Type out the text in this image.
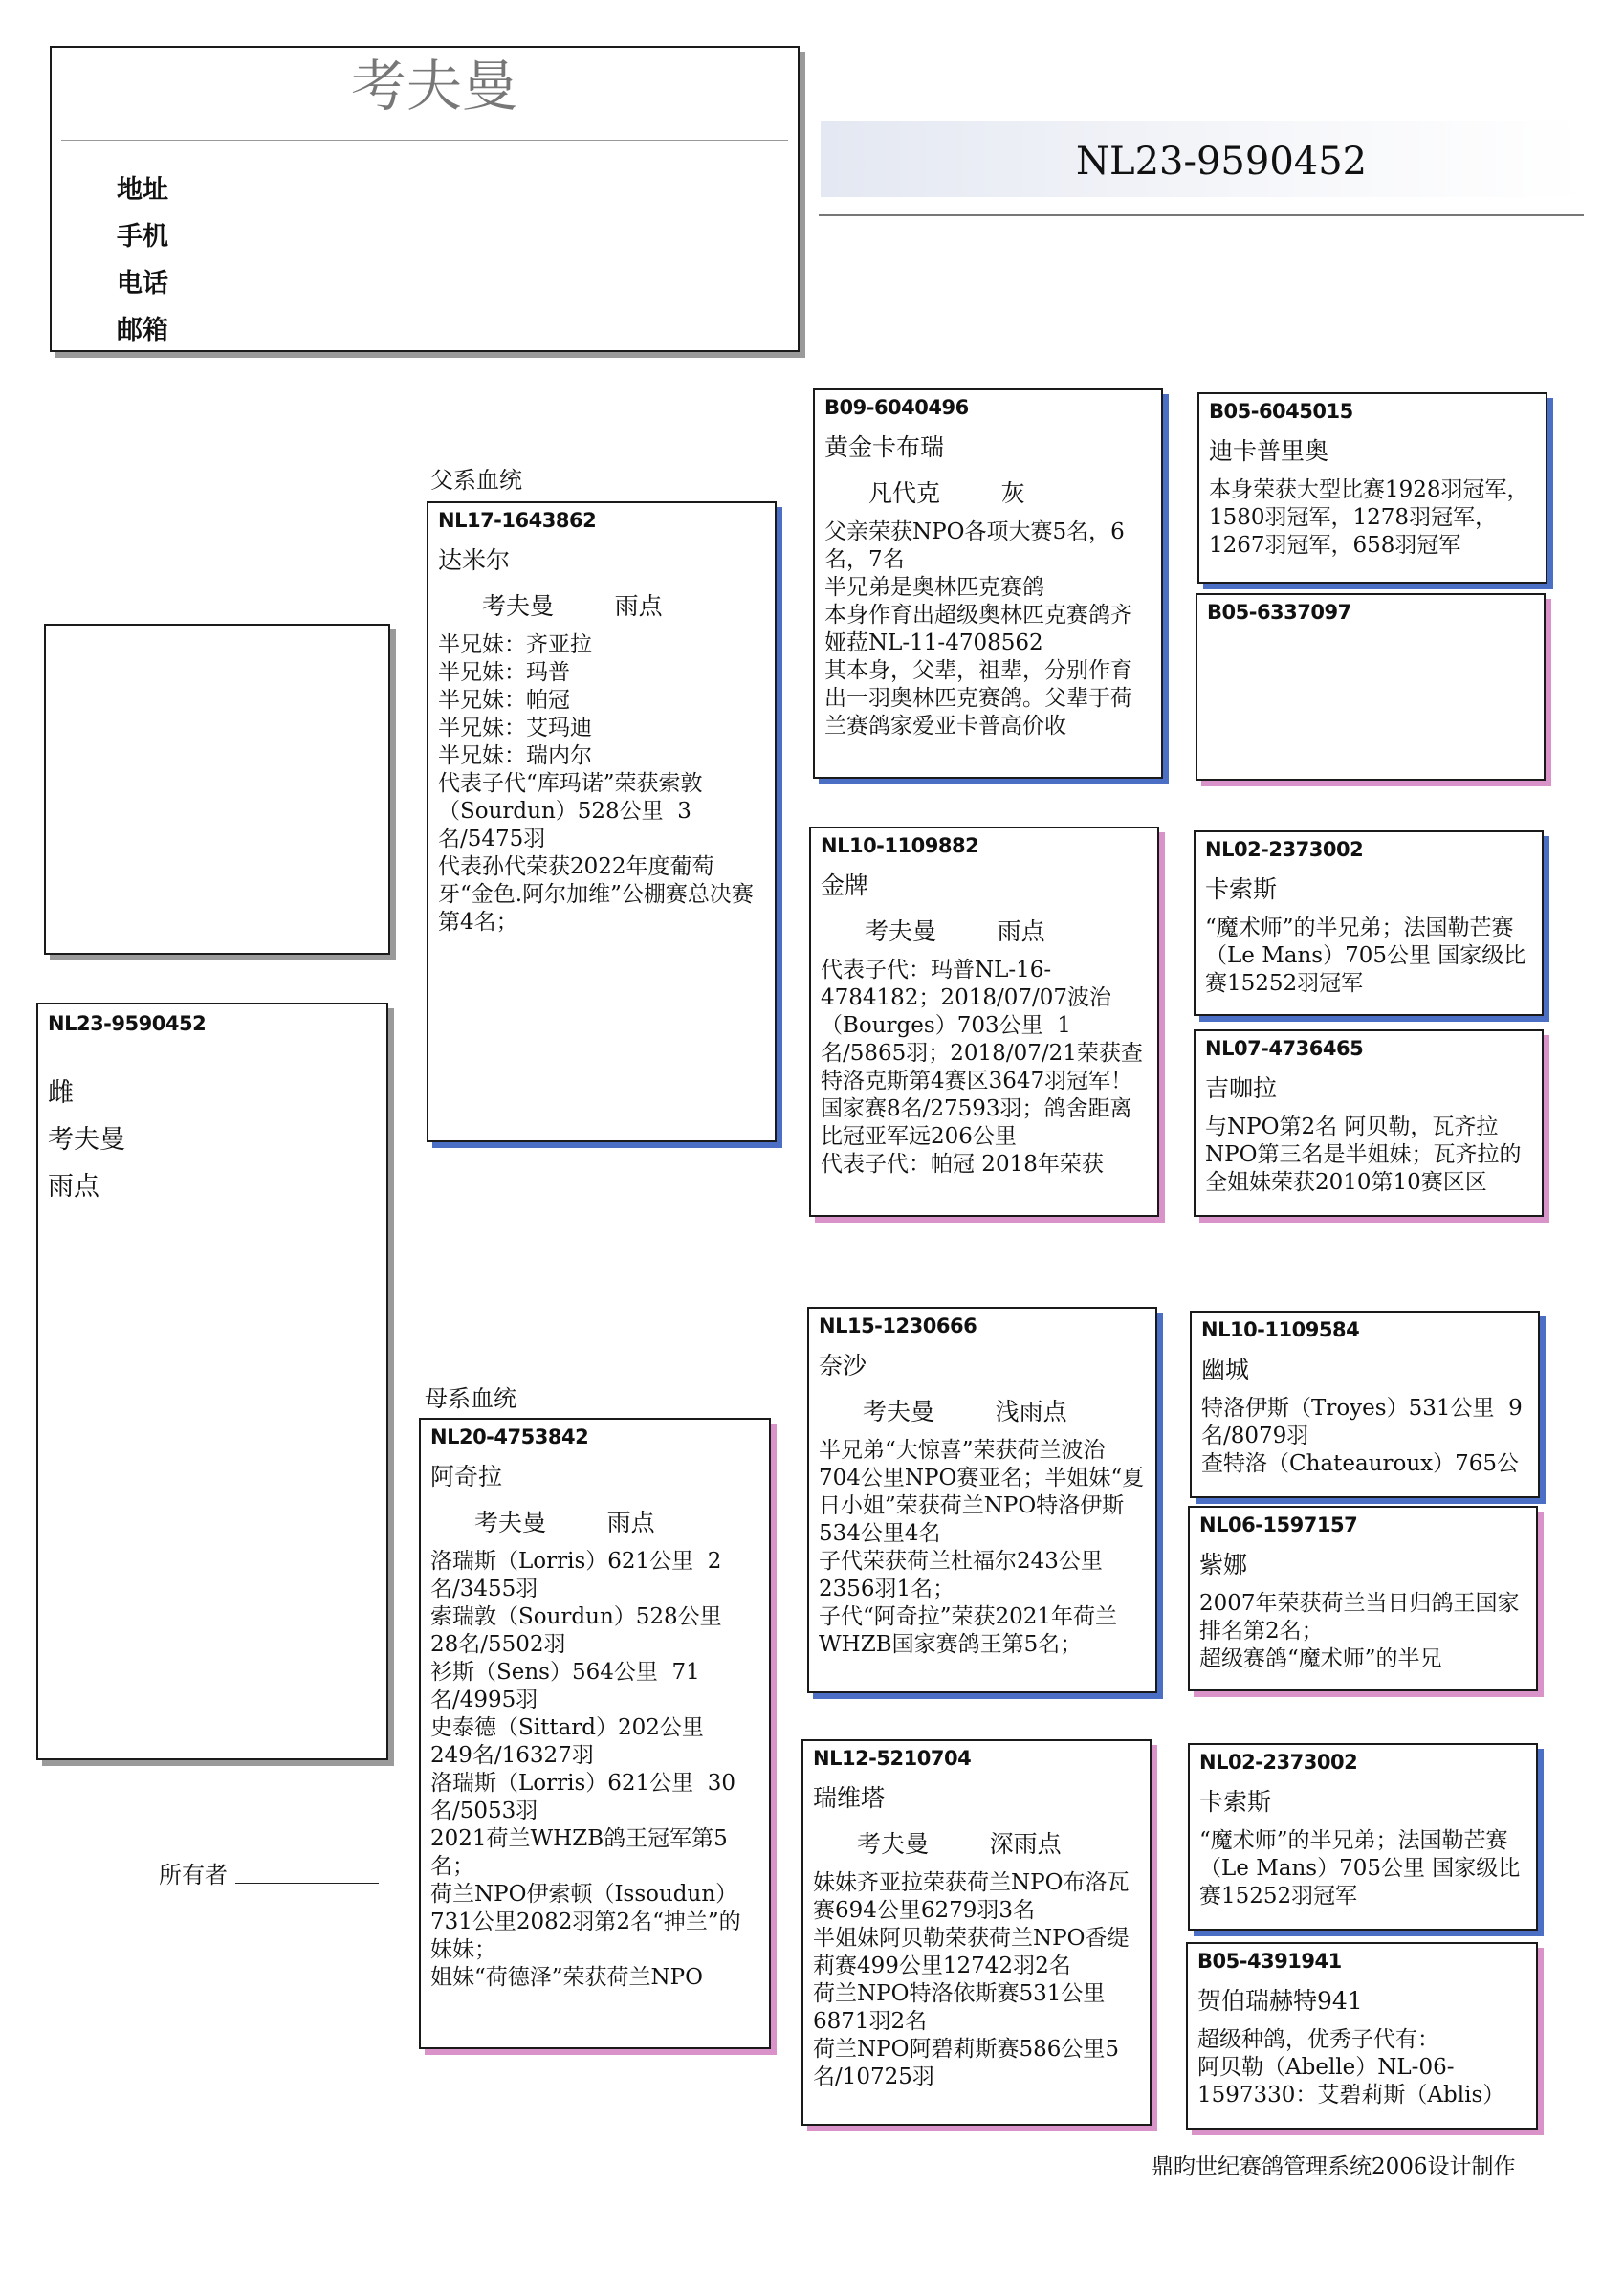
考夫曼
地址
手机
电话
邮箱
NL23-9590452
NL23-9590452
雌
考夫曼
雨点
所有者
父系血统
母系血统
NL17-1643862
达米尔
考夫曼        雨点
半兄妹：齐亚拉
半兄妹：玛普
半兄妹：帕冠
半兄妹：艾玛迪
半兄妹：瑞内尔
代表子代“库玛诺”荣获索敦（Sourdun）528公里  3名/5475羽
代表孙代荣获2022年度葡萄牙“金色.阿尔加维”公棚赛总决赛第4名；
NL20-4753842
阿奇拉
考夫曼        雨点
洛瑞斯（Lorris）621公里  2名/3455羽
索瑞敦（Sourdun）528公里  28名/5502羽
衫斯（Sens）564公里  71名/4995羽
史泰德（Sittard）202公里  249名/16327羽
洛瑞斯（Lorris）621公里  30名/5053羽
2021荷兰WHZB鸽王冠军第5名；
荷兰NPO伊索顿（Issoudun）731公里2082羽第2名“抻兰”的妹妹；
姐妹“荷德泽”荣获荷兰NPO
B09-6040496
黄金卡布瑞
凡代克        灰
父亲荣获NPO各项大赛5名，6名，7名
半兄弟是奥林匹克赛鸽
本身作育出超级奥林匹克赛鸽齐娅菈NL-11-4708562
其本身，父辈，祖辈，分别作育出一羽奥林匹克赛鸽。父辈于荷兰赛鸽家爱亚卡普高价收
NL10-1109882
金牌
考夫曼        雨点
代表子代：玛普NL-16-4784182；2018/07/07波治（Bourges）703公里  1名/5865羽；2018/07/21荣获查特洛克斯第4赛区3647羽冠军！国家赛8名/27593羽；鸽舍距离比冠亚军远206公里
代表子代：帕冠 2018年荣获
NL15-1230666
奈沙
考夫曼        浅雨点
半兄弟“大惊喜”荣获荷兰波治704公里NPO赛亚名；半姐妹“夏日小姐”荣获荷兰NPO特洛伊斯534公里4名
子代荣获荷兰杜福尔243公里2356羽1名；
子代“阿奇拉”荣获2021年荷兰WHZB国家赛鸽王第5名；
NL12-5210704
瑞维塔
考夫曼        深雨点
妹妹齐亚拉荣获荷兰NPO布洛瓦赛694公里6279羽3名
半姐妹阿贝勒荣获荷兰NPO香缇莉赛499公里12742羽2名
荷兰NPO特洛依斯赛531公里6871羽2名
荷兰NPO阿碧莉斯赛586公里5名/10725羽
B05-6045015
迪卡普里奥
本身荣获大型比赛1928羽冠军，1580羽冠军，1278羽冠军，1267羽冠军，658羽冠军
B05-6337097
NL02-2373002
卡索斯
“魔术师”的半兄弟；法国勒芒赛（Le Mans）705公里 国家级比赛15252羽冠军
NL07-4736465
吉咖拉
与NPO第2名 阿贝勒，瓦齐拉NPO第三名是半姐妹；瓦齐拉的全姐妹荣获2010第10赛区区
NL10-1109584
幽城
特洛伊斯（Troyes）531公里  9名/8079羽
查特洛（Chateauroux）765公
NL06-1597157
紫娜
2007年荣获荷兰当日归鸽王国家排名第2名；
超级赛鸽“魔术师”的半兄
NL02-2373002
卡索斯
“魔术师”的半兄弟；法国勒芒赛（Le Mans）705公里 国家级比赛15252羽冠军
B05-4391941
贺伯瑞赫特941
超级种鸽，优秀子代有：
阿贝勒（Abelle）NL-06-1597330：艾碧莉斯（Ablis）
鼎昀世纪赛鸽管理系统2006设计制作
